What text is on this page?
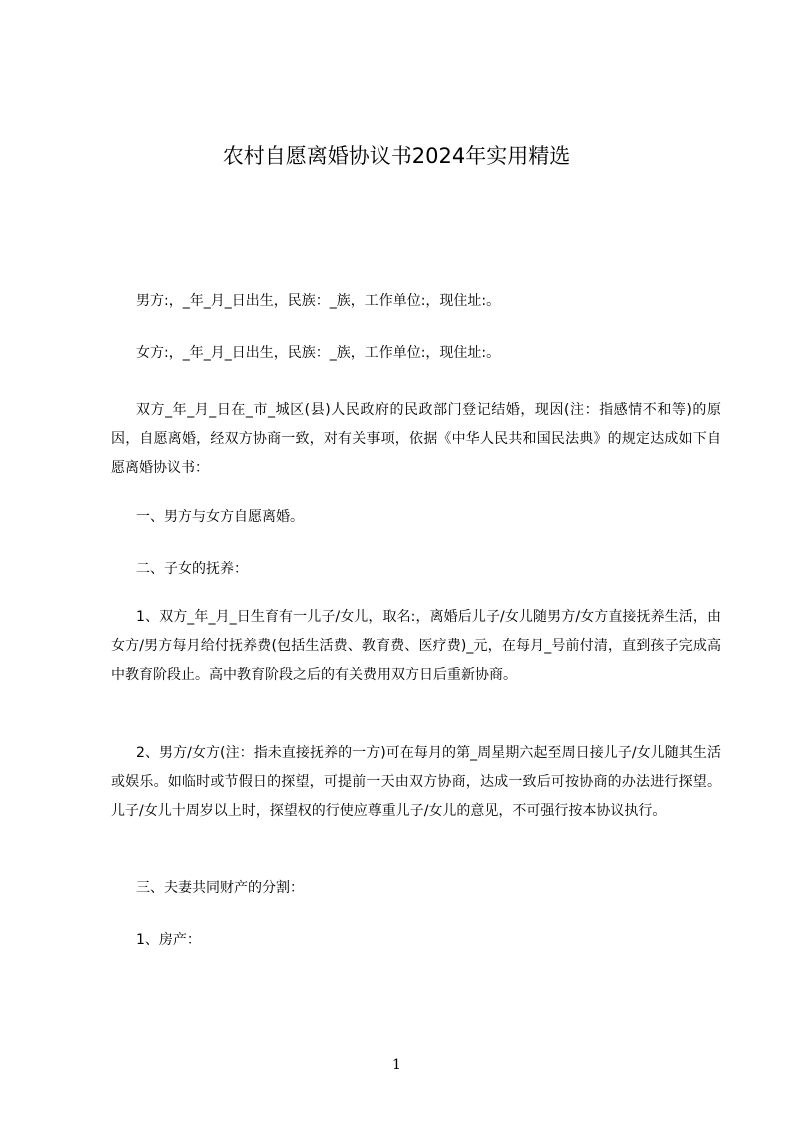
农村自愿离婚协议书2024年实用精选

男方:，_年_月_日出生，民族：_族，工作单位:，现住址:。

女方:，_年_月_日出生，民族：_族，工作单位:，现住址:。

双方_年_月_日在_市_城区(县)人民政府的民政部门登记结婚，现因(注：指感情不和等)的原因，自愿离婚，经双方协商一致，对有关事项，依据《中华人民共和国民法典》的规定达成如下自愿离婚协议书：

一、男方与女方自愿离婚。

二、子女的抚养：

1、双方_年_月_日生育有一儿子/女儿，取名:，离婚后儿子/女儿随男方/女方直接抚养生活，由女方/男方每月给付抚养费(包括生活费、教育费、医疗费)_元，在每月_号前付清，直到孩子完成高中教育阶段止。高中教育阶段之后的有关费用双方日后重新协商。

2、男方/女方(注：指未直接抚养的一方)可在每月的第_周星期六起至周日接儿子/女儿随其生活或娱乐。如临时或节假日的探望，可提前一天由双方协商，达成一致后可按协商的办法进行探望。儿子/女儿十周岁以上时，探望权的行使应尊重儿子/女儿的意见，不可强行按本协议执行。

三、夫妻共同财产的分割：

1、房产：

1
